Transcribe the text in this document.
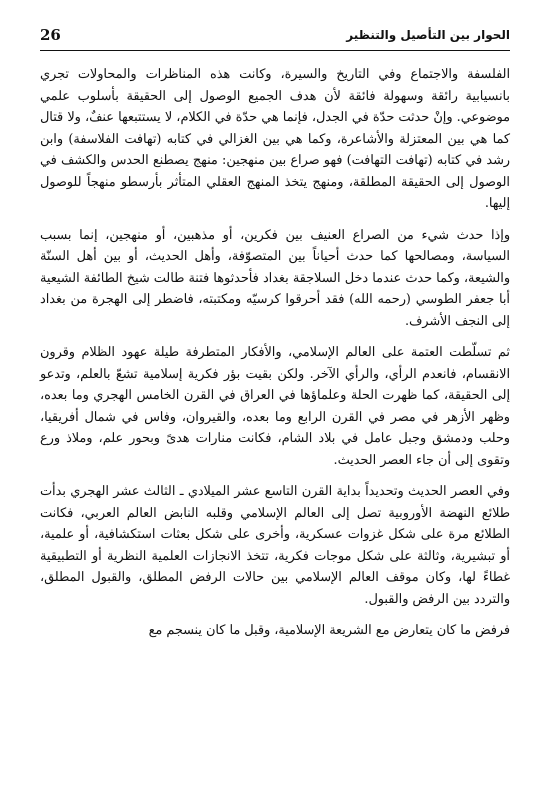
الحوار بين التأصيل والتنظير
26

الفلسفة والاجتماع وفي التاريخ والسيرة، وكانت هذه المناظرات والمحاولات تجري بانسيابية رائقة وسهولة فائقة لأن هدف الجميع الوصول إلى الحقيقة بأسلوب علمي موضوعي. وإنْ حدثت حدّة في الجدل، فإنما هي حدّة في الكلام، لا يستتبعها عنفٌ، ولا قتال كما هي بين المعتزلة والأشاعرة، وكما هي بين الغزالي في كتابه (تهافت الفلاسفة) وابن رشد في كتابه (تهافت التهافت) فهو صراع بين منهجين: منهج يصطنع الحدس والكشف في الوصول إلى الحقيقة المطلقة، ومنهج يتخذ المنهج العقلي المتأثر بأرسطو منهجاً للوصول إليها.

وإذا حدث شيء من الصراع العنيف بين فكرين، أو مذهبين، أو منهجين، إنما بسبب السياسة، ومصالحها كما حدث أحياناً بين المتصوّفة، وأهل الحديث، أو بين أهل السنّة والشيعة، وكما حدث عندما دخل السلاجقة بغداد فأحدثوها فتنة طالت شيخ الطائفة الشيعية أبا جعفر الطوسي (رحمه الله) فقد أحرقوا كرسيّه ومكتبته، فاضطر إلى الهجرة من بغداد إلى النجف الأشرف.

ثم تسلّطت العتمة على العالم الإسلامي، والأفكار المتطرفة طيلة عهود الظلام وقرون الانقسام، فانعدم الرأي، والرأي الآخر. ولكن بقيت بؤر فكرية إسلامية تشعّ بالعلم، وتدعو إلى الحقيقة، كما ظهرت الحلة وعلماؤها في العراق في القرن الخامس الهجري وما بعده، وظهر الأزهر في مصر في القرن الرابع وما بعده، والقيروان، وفاس في شمال أفريقيا، وحلب ودمشق وجبل عامل في بلاد الشام، فكانت منارات هدىً وبحور علم، وملاذ ورع وتقوى إلى أن جاء العصر الحديث.

وفي العصر الحديث وتحديداً بداية القرن التاسع عشر الميلادي ـ الثالث عشر الهجري بدأت طلائع النهضة الأوروبية تصل إلى العالم الإسلامي وقلبه النابض العالم العربي، فكانت الطلائع مرة على شكل غزوات عسكرية، وأخرى على شكل بعثات استكشافية، أو علمية، أو تبشيرية، وثالثة على شكل موجات فكرية، تتخذ الانجازات العلمية النظرية أو التطبيقية غطاءً لها، وكان موقف العالم الإسلامي بين حالات الرفض المطلق، والقبول المطلق، والتردد بين الرفض والقبول.

فرفض ما كان يتعارض مع الشريعة الإسلامية، وقبل ما كان ينسجم مع
